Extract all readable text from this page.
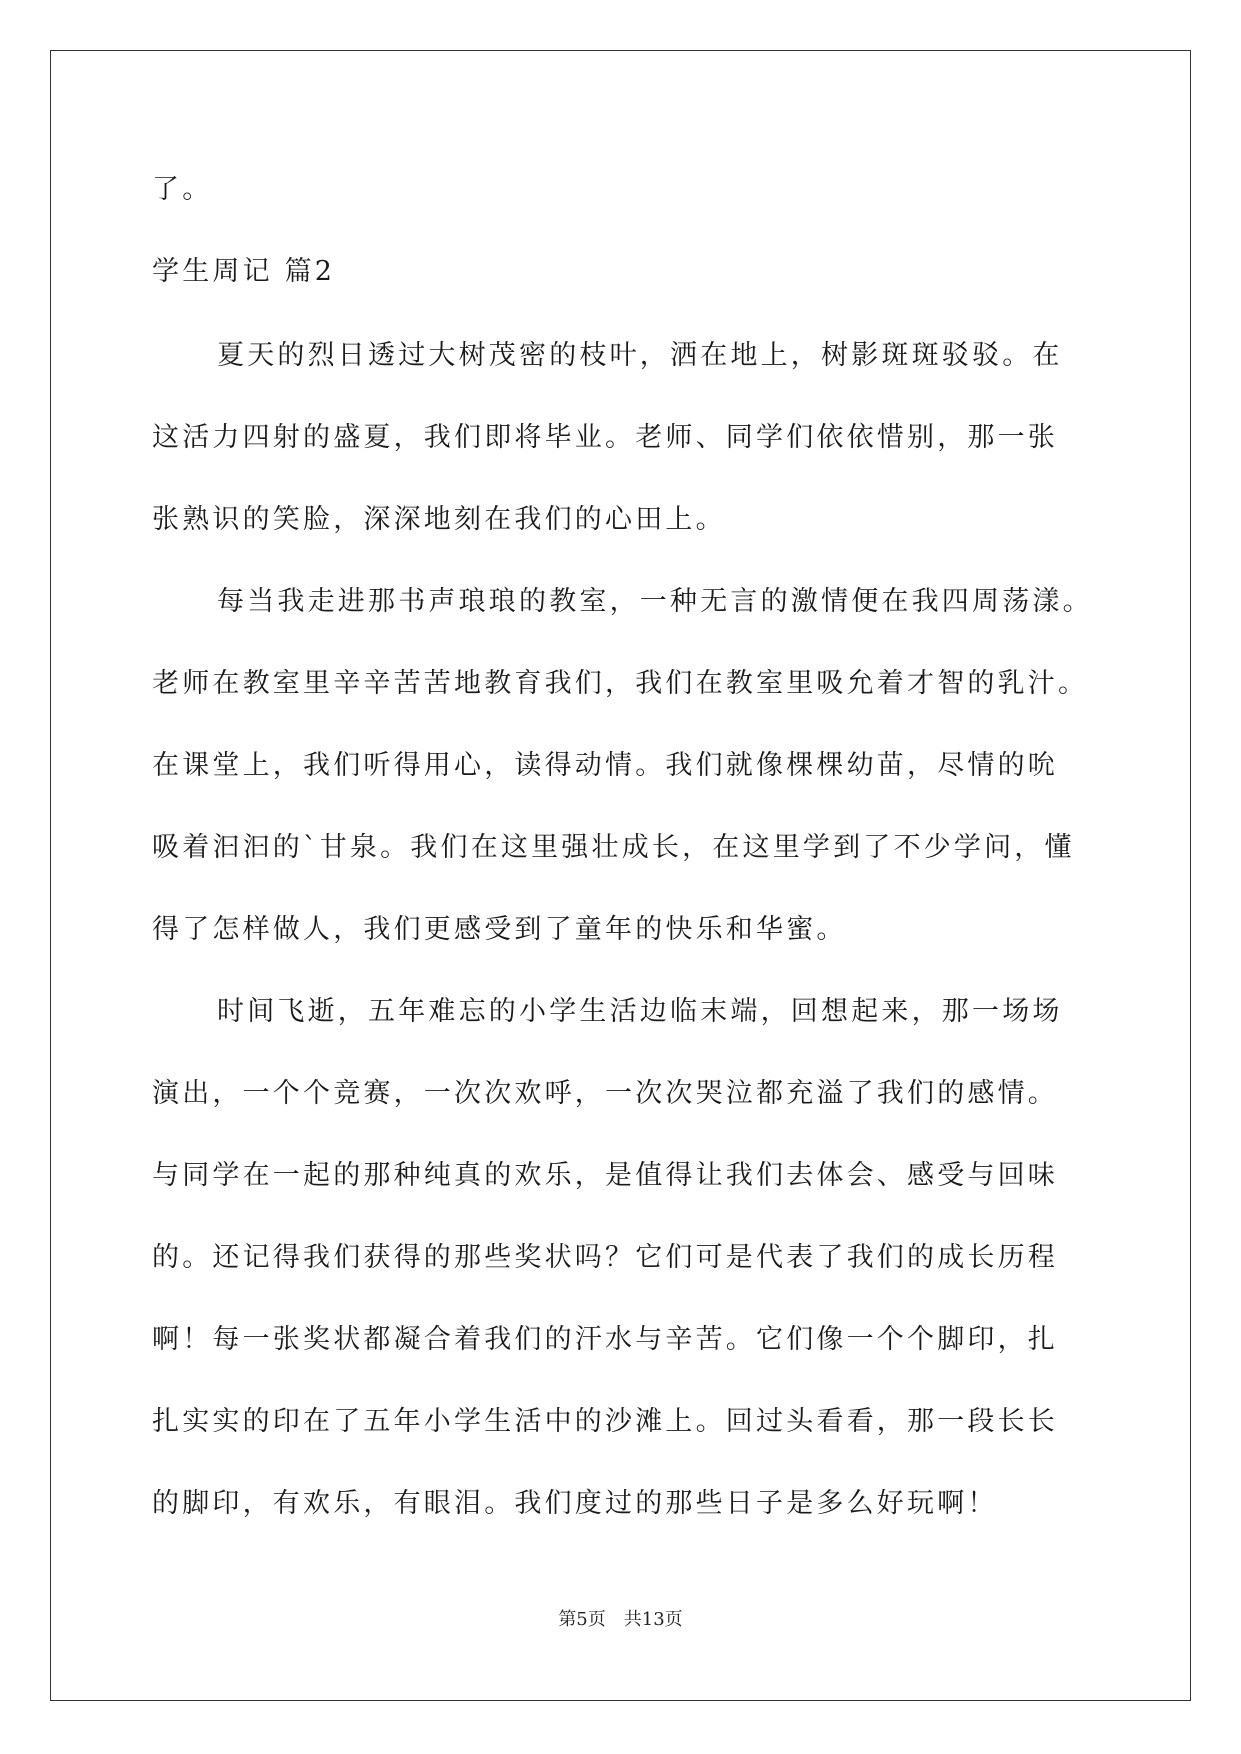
了。
学生周记 篇2
夏天的烈日透过大树茂密的枝叶，洒在地上，树影斑斑驳驳。在
这活力四射的盛夏，我们即将毕业。老师、同学们依依惜别，那一张
张熟识的笑脸，深深地刻在我们的心田上。
每当我走进那书声琅琅的教室，一种无言的激情便在我四周荡漾。
老师在教室里辛辛苦苦地教育我们，我们在教室里吸允着才智的乳汁。
在课堂上，我们听得用心，读得动情。我们就像棵棵幼苗，尽情的吮
吸着汩汩的`甘泉。我们在这里强壮成长，在这里学到了不少学问，懂
得了怎样做人，我们更感受到了童年的快乐和华蜜。
时间飞逝，五年难忘的小学生活边临末端，回想起来，那一场场
演出，一个个竞赛，一次次欢呼，一次次哭泣都充溢了我们的感情。
与同学在一起的那种纯真的欢乐，是值得让我们去体会、感受与回味
的。还记得我们获得的那些奖状吗？它们可是代表了我们的成长历程
啊！每一张奖状都凝合着我们的汗水与辛苦。它们像一个个脚印，扎
扎实实的印在了五年小学生活中的沙滩上。回过头看看，那一段长长
的脚印，有欢乐，有眼泪。我们度过的那些日子是多么好玩啊！
第5页　共13页
